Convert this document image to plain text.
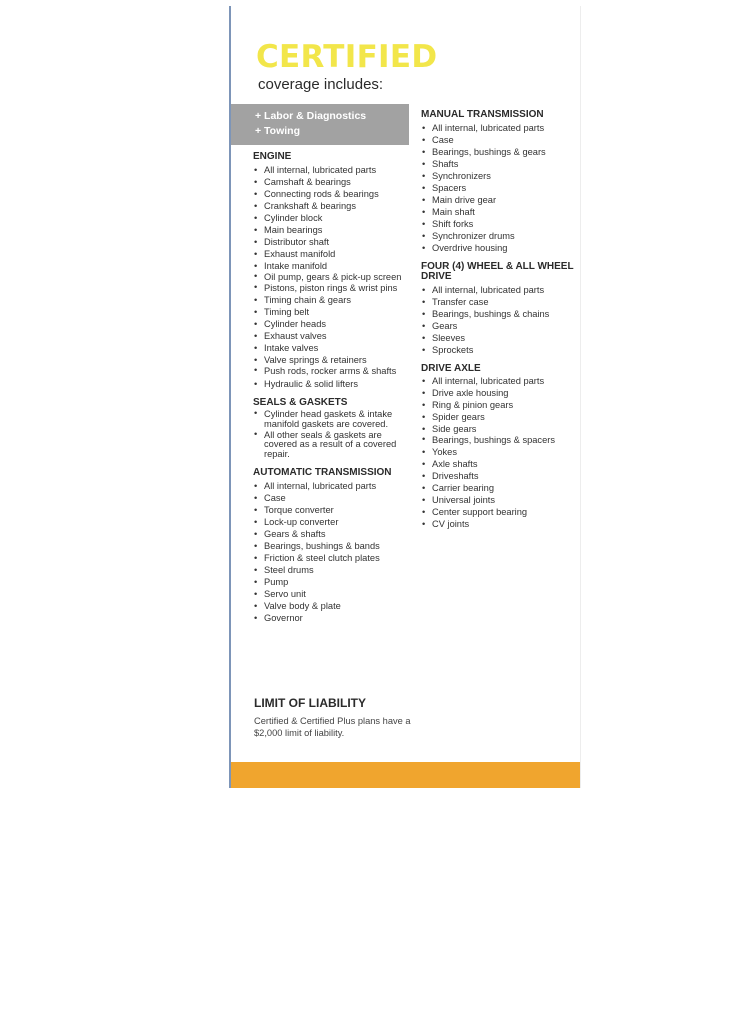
CERTIFIED

coverage includes:

+ Labor & Diagnostics
+ Towing
ENGINE
• All internal, lubricated parts
• Camshaft & bearings
• Connecting rods & bearings
• Crankshaft & bearings
• Cylinder block
• Main bearings
• Distributor shaft
• Exhaust manifold
• Intake manifold
• Oil pump, gears & pick-up screen
• Pistons, piston rings & wrist pins
• Timing chain & gears
• Timing belt
• Cylinder heads
• Exhaust valves
• Intake valves
• Valve springs & retainers
• Push rods, rocker arms & shafts
• Hydraulic & solid lifters
SEALS & GASKETS
• Cylinder head gaskets & intake manifold gaskets are covered.
• All other seals & gaskets are covered as a result of a covered repair.
AUTOMATIC TRANSMISSION
• All internal, lubricated parts
• Case
• Torque converter
• Lock-up converter
• Gears & shafts
• Bearings, bushings & bands
• Friction & steel clutch plates
• Steel drums
• Pump
• Servo unit
• Valve body & plate
• Governor
MANUAL TRANSMISSION
• All internal, lubricated parts
• Case
• Bearings, bushings & gears
• Shafts
• Synchronizers
• Spacers
• Main drive gear
• Main shaft
• Shift forks
• Synchronizer drums
• Overdrive housing
FOUR (4) WHEEL & ALL WHEEL DRIVE
• All internal, lubricated parts
• Transfer case
• Bearings, bushings & chains
• Gears
• Sleeves
• Sprockets
DRIVE AXLE
• All internal, lubricated parts
• Drive axle housing
• Ring & pinion gears
• Spider gears
• Side gears
• Bearings, bushings & spacers
• Yokes
• Axle shafts
• Driveshafts
• Carrier bearing
• Universal joints
• Center support bearing
• CV joints
LIMIT OF LIABILITY

Certified & Certified Plus plans have a $2,000 limit of liability.
